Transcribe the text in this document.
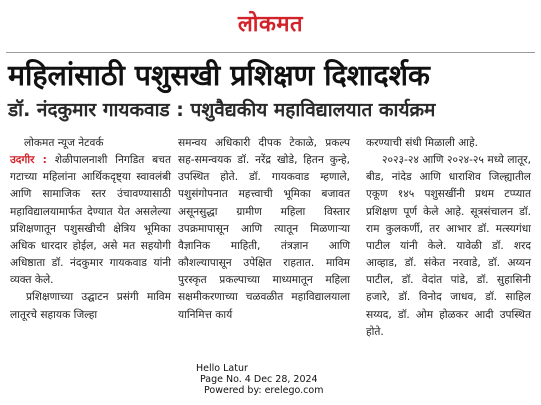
लोकमत
महिलांसाठी पशुसखी प्रशिक्षण दिशादर्शक
डॉ. नंदकुमार गायकवाड : पशुवैद्यकीय महाविद्यालयात कार्यक्रम

लोकमत न्यूज नेटवर्क

उदगीर : शेळीपालनाशी निगडित बचत गटाच्या महिलांना आर्थिकदृष्ट्या स्वावलंबी आणि सामाजिक स्तर उंचावण्यासाठी महाविद्यालयामार्फत देण्यात येत असलेल्या प्रशिक्षणातून पशुसखीची क्षेत्रिय भूमिका अधिक धारदार होईल, असे मत सहयोगी अधिष्ठाता डॉ. नंदकुमार गायकवाड यांनी व्यक्त केले.

प्रशिक्षणाच्या उद्घाटन प्रसंगी माविम लातूरचे सहायक जिल्हा

समन्वय अधिकारी दीपक टेकाळे, प्रकल्प सह-समन्वयक डॉ. नरेंद्र खोडे, हितन कुन्हे, उपस्थित होते. डॉ. गायकवाड म्हणाले, पशुसंगोपनात महत्त्वाची भूमिका बजावत असूनसुद्धा ग्रामीण महिला विस्तार उपक्रमापासून आणि त्यातून मिळणाऱ्या वैज्ञानिक माहिती, तंत्रज्ञान आणि कौशल्यापासून उपेक्षित राहतात. माविम पुरस्कृत प्रकल्पाच्या माध्यमातून महिला सक्षमीकरणाच्या चळवळीत महाविद्यालयाला यानिमित्त कार्य

करण्याची संधी मिळाली आहे.

२०२३-२४ आणि २०२४-२५ मध्ये लातूर, बीड, नांदेड आणि धाराशिव जिल्ह्यातील एकूण १४५ पशुसखींनी प्रथम टप्प्यात प्रशिक्षण पूर्ण केले आहे. सूत्रसंचालन डॉ. राम कुलकर्णी, तर आभार डॉ. मत्स्यगंधा पाटील यांनी केले. यावेळी डॉ. शरद आव्हाड, डॉ. संकेत नरवाडे, डॉ. अय्यन पाटील, डॉ. वेदांत पांडे, डॉ. सुहासिनी हजारे, डॉ. विनोद जाधव, डॉ. साहिल सय्यद, डॉ. ओम होळकर आदी उपस्थित होते.

Hello Latur
Page No. 4 Dec 28, 2024
Powered by: erelego.com
